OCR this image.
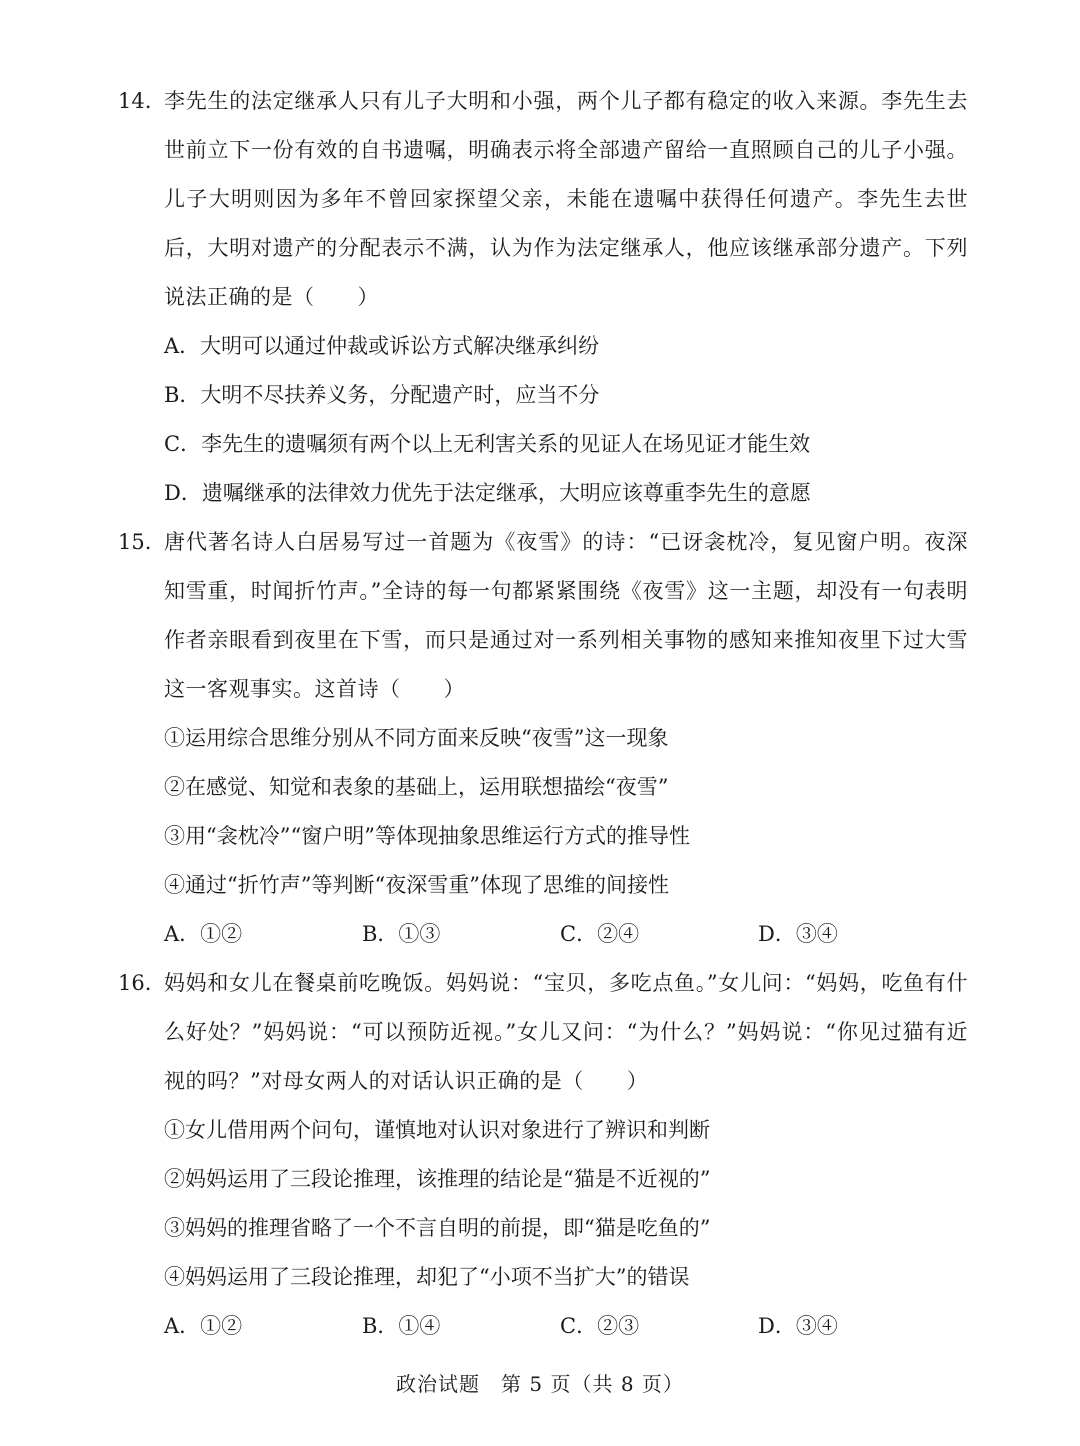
14. 李先生的法定继承人只有儿子大明和小强，两个儿子都有稳定的收入来源。李先生去世前立下一份有效的自书遗嘱，明确表示将全部遗产留给一直照顾自己的儿子小强。儿子大明则因为多年不曾回家探望父亲，未能在遗嘱中获得任何遗产。李先生去世后，大明对遗产的分配表示不满，认为作为法定继承人，他应该继承部分遗产。下列说法正确的是（　　）
A．大明可以通过仲裁或诉讼方式解决继承纠纷
B．大明不尽扶养义务，分配遗产时，应当不分
C．李先生的遗嘱须有两个以上无利害关系的见证人在场见证才能生效
D．遗嘱继承的法律效力优先于法定继承，大明应该尊重李先生的意愿
15. 唐代著名诗人白居易写过一首题为《夜雪》的诗：“已讶衾枕冷，复见窗户明。夜深知雪重，时闻折竹声。”全诗的每一句都紧紧围绕《夜雪》这一主题，却没有一句表明作者亲眼看到夜里在下雪，而只是通过对一系列相关事物的感知来推知夜里下过大雪这一客观事实。这首诗（　　）
①运用综合思维分别从不同方面来反映“夜雪”这一现象
②在感觉、知觉和表象的基础上，运用联想描绘“夜雪”
③用“衾枕冷”“窗户明”等体现抽象思维运行方式的推导性
④通过“折竹声”等判断“夜深雪重”体现了思维的间接性
A．①②	B．①③	C．②④	D．③④
16. 妈妈和女儿在餐桌前吃晚饭。妈妈说：“宝贝，多吃点鱼。”女儿问：“妈妈，吃鱼有什么好处？”妈妈说：“可以预防近视。”女儿又问：“为什么？”妈妈说：“你见过猫有近视的吗？”对母女两人的对话认识正确的是（　　）
①女儿借用两个问句，谨慎地对认识对象进行了辨识和判断
②妈妈运用了三段论推理，该推理的结论是“猫是不近视的”
③妈妈的推理省略了一个不言自明的前提，即“猫是吃鱼的”
④妈妈运用了三段论推理，却犯了“小项不当扩大”的错误
A．①②	B．①④	C．②③	D．③④
政治试题　第 5 页（共 8 页）
